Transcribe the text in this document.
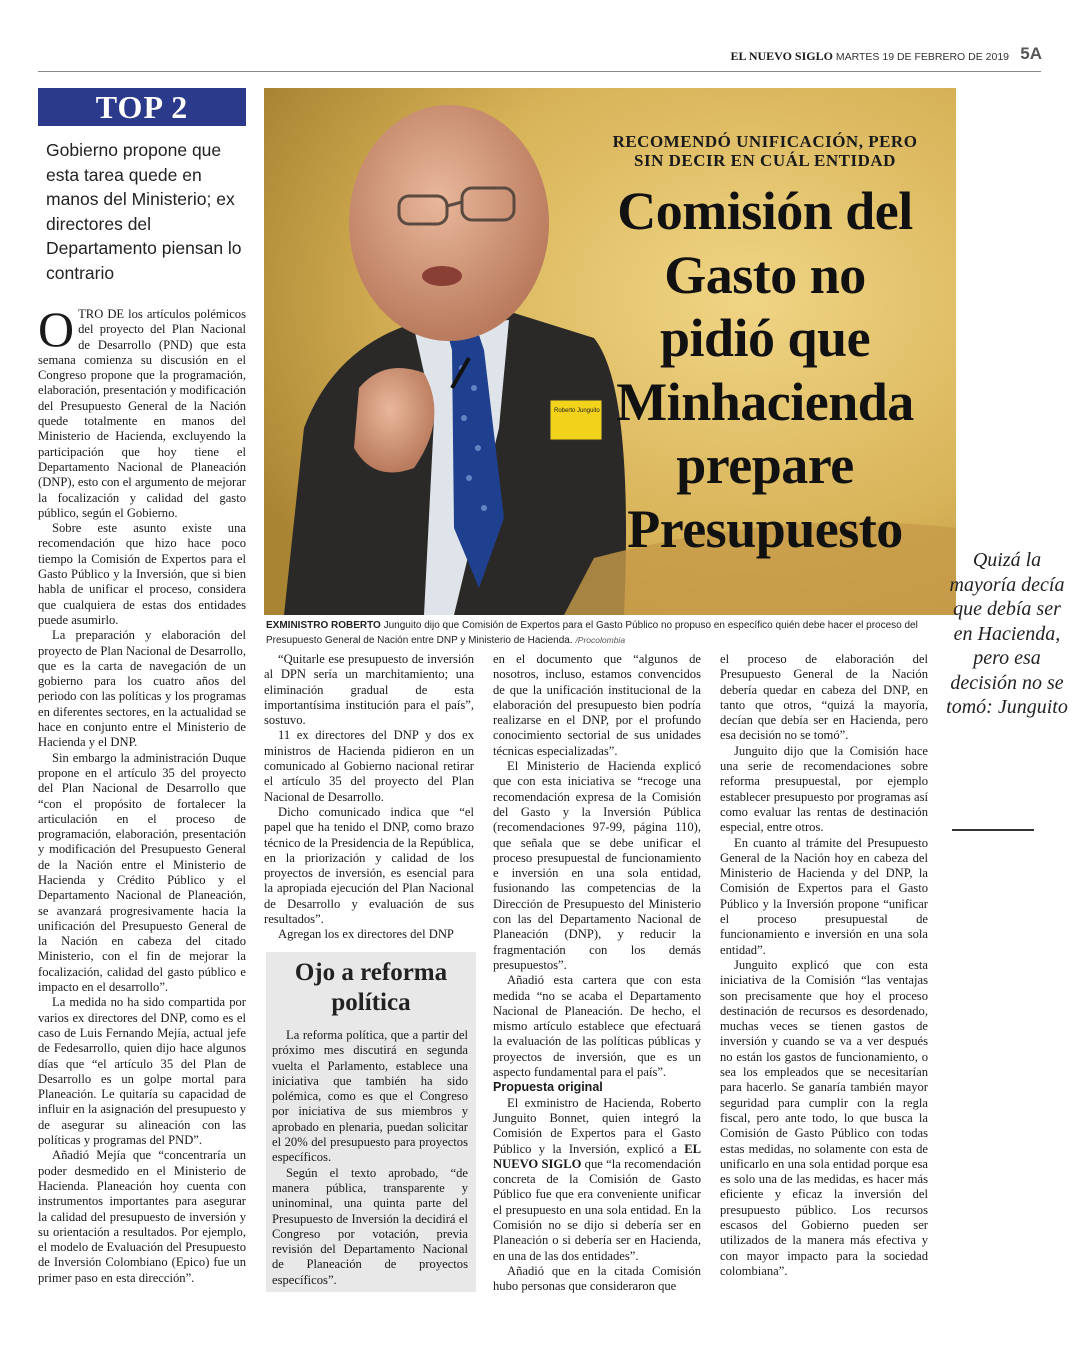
EL NUEVO SIGLO MARTES 19 DE FEBRERO DE 2019 5A
TOP 2
Gobierno propone que esta tarea quede en manos del Ministerio; ex directores del Departamento piensan lo contrario
Roberto Junguito
RECOMENDÓ UNIFICACIÓN, PERO SIN DECIR EN CUÁL ENTIDAD
Comisión del Gasto no pidió que Minhacienda prepare Presupuesto
EXMINISTRO ROBERTO Junguito dijo que Comisión de Expertos para el Gasto Público no propuso en específico quién debe hacer el proceso del Presupuesto General de Nación entre DNP y Ministerio de Hacienda. /Procolombia
Quizá la mayoría decía que debía ser en Hacienda, pero esa decisión no se tomó: Junguito

OTRO DE los artículos polémicos del proyecto del Plan Nacional de Desarrollo (PND) que esta semana comienza su discusión en el Congreso propone que la programación, elaboración, presentación y modificación del Presupuesto General de la Nación quede totalmente en manos del Ministerio de Hacienda, excluyendo la participación que hoy tiene el Departamento Nacional de Planeación (DNP), esto con el argumento de mejorar la focalización y calidad del gasto público, según el Gobierno.

Sobre este asunto existe una recomendación que hizo hace poco tiempo la Comisión de Expertos para el Gasto Público y la Inversión, que si bien habla de unificar el proceso, considera que cualquiera de estas dos entidades puede asumirlo.

La preparación y elaboración del proyecto de Plan Nacional de Desarrollo, que es la carta de navegación de un gobierno para los cuatro años del periodo con las políticas y los programas en diferentes sectores, en la actualidad se hace en conjunto entre el Ministerio de Hacienda y el DNP.

Sin embargo la administración Duque propone en el artículo 35 del proyecto del Plan Nacional de Desarrollo que “con el propósito de fortalecer la articulación en el proceso de programación, elaboración, presentación y modificación del Presupuesto General de la Nación entre el Ministerio de Hacienda y Crédito Público y el Departamento Nacional de Planeación, se avanzará progresivamente hacia la unificación del Presupuesto General de la Nación en cabeza del citado Ministerio, con el fin de mejorar la focalización, calidad del gasto público e impacto en el desarrollo”.

La medida no ha sido compartida por varios ex directores del DNP, como es el caso de Luis Fernando Mejía, actual jefe de Fedesarrollo, quien dijo hace algunos días que “el artículo 35 del Plan de Desarrollo es un golpe mortal para Planeación. Le quitaría su capacidad de influir en la asignación del presupuesto y de asegurar su alineación con las políticas y programas del PND”.

Añadió Mejía que “concentraría un poder desmedido en el Ministerio de Hacienda. Planeación hoy cuenta con instrumentos importantes para asegurar la calidad del presupuesto de inversión y su orientación a resultados. Por ejemplo, el modelo de Evaluación del Presupuesto de Inversión Colombiano (Epico) fue un primer paso en esta dirección”.

“Quitarle ese presupuesto de inversión al DPN sería un marchitamiento; una eliminación gradual de esta importantísima institución para el país”, sostuvo.

11 ex directores del DNP y dos ex ministros de Hacienda pidieron en un comunicado al Gobierno nacional retirar el artículo 35 del proyecto del Plan Nacional de Desarrollo.

Dicho comunicado indica que “el papel que ha tenido el DNP, como brazo técnico de la Presidencia de la República, en la priorización y calidad de los proyectos de inversión, es esencial para la apropiada ejecución del Plan Nacional de Desarrollo y evaluación de sus resultados”.

Agregan los ex directores del DNP

Ojo a reforma política

La reforma política, que a partir del próximo mes discutirá en segunda vuelta el Parlamento, establece una iniciativa que también ha sido polémica, como es que el Congreso por iniciativa de sus miembros y aprobado en plenaria, puedan solicitar el 20% del presupuesto para proyectos específicos.

Según el texto aprobado, “de manera pública, transparente y uninominal, una quinta parte del Presupuesto de Inversión la decidirá el Congreso por votación, previa revisión del Departamento Nacional de Planeación de proyectos específicos”.

en el documento que “algunos de nosotros, incluso, estamos convencidos de que la unificación institucional de la elaboración del presupuesto bien podría realizarse en el DNP, por el profundo conocimiento sectorial de sus unidades técnicas especializadas”.

El Ministerio de Hacienda explicó que con esta iniciativa se “recoge una recomendación expresa de la Comisión del Gasto y la Inversión Pública (recomendaciones 97-99, página 110), que señala que se debe unificar el proceso presupuestal de funcionamiento e inversión en una sola entidad, fusionando las competencias de la Dirección de Presupuesto del Ministerio con las del Departamento Nacional de Planeación (DNP), y reducir la fragmentación con los demás presupuestos”.

Añadió esta cartera que con esta medida “no se acaba el Departamento Nacional de Planeación. De hecho, el mismo artículo establece que efectuará la evaluación de las políticas públicas y proyectos de inversión, que es un aspecto fundamental para el país”.

Propuesta original

El exministro de Hacienda, Roberto Junguito Bonnet, quien integró la Comisión de Expertos para el Gasto Público y la Inversión, explicó a EL NUEVO SIGLO que “la recomendación concreta de la Comisión de Gasto Público fue que era conveniente unificar el presupuesto en una sola entidad. En la Comisión no se dijo si debería ser en Planeación o si debería ser en Hacienda, en una de las dos entidades”.

Añadió que en la citada Comisión hubo personas que consideraron que

el proceso de elaboración del Presupuesto General de la Nación debería quedar en cabeza del DNP, en tanto que otros, “quizá la mayoría, decían que debía ser en Hacienda, pero esa decisión no se tomó”.

Junguito dijo que la Comisión hace una serie de recomendaciones sobre reforma presupuestal, por ejemplo establecer presupuesto por programas así como evaluar las rentas de destinación especial, entre otros.

En cuanto al trámite del Presupuesto General de la Nación hoy en cabeza del Ministerio de Hacienda y del DNP, la Comisión de Expertos para el Gasto Público y la Inversión propone “unificar el proceso presupuestal de funcionamiento e inversión en una sola entidad”.

Junguito explicó que con esta iniciativa de la Comisión “las ventajas son precisamente que hoy el proceso destinación de recursos es desordenado, muchas veces se tienen gastos de inversión y cuando se va a ver después no están los gastos de funcionamiento, o sea los empleados que se necesitarían para hacerlo. Se ganaría también mayor seguridad para cumplir con la regla fiscal, pero ante todo, lo que busca la Comisión de Gasto Público con todas estas medidas, no solamente con esta de unificarlo en una sola entidad porque esa es solo una de las medidas, es hacer más eficiente y eficaz la inversión del presupuesto público. Los recursos escasos del Gobierno pueden ser utilizados de la manera más efectiva y con mayor impacto para la sociedad colombiana”.
